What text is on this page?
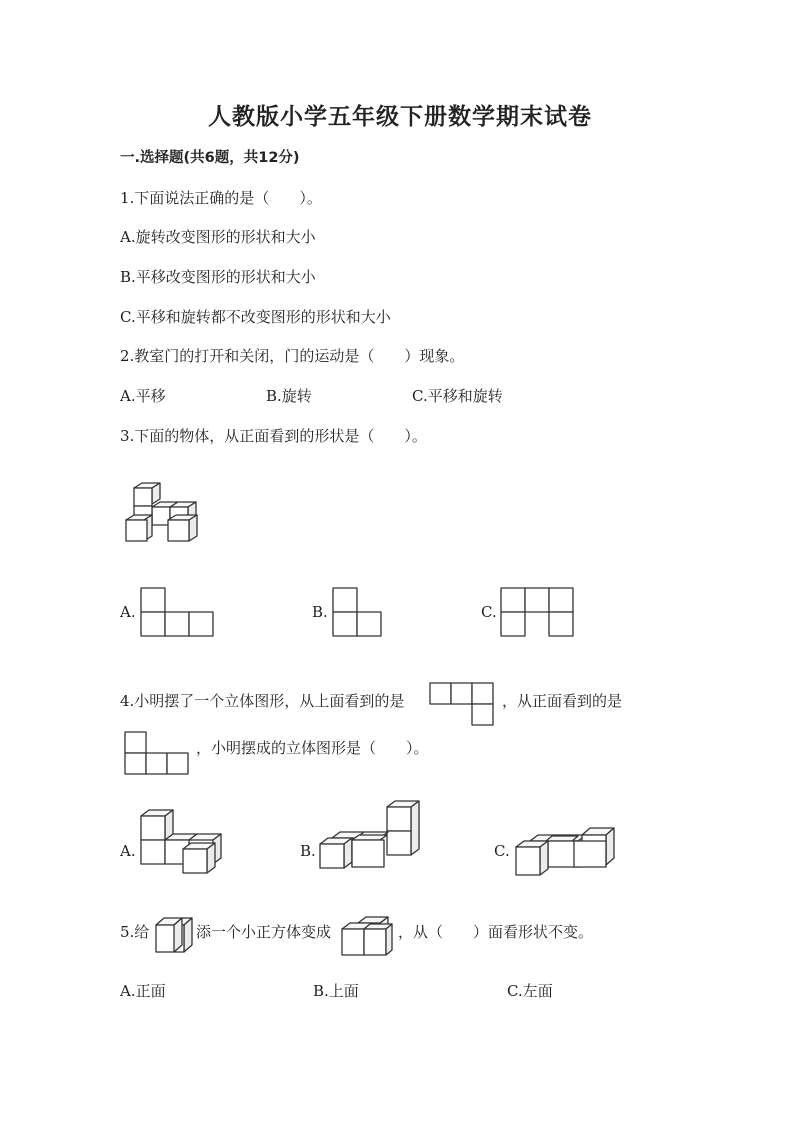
人教版小学五年级下册数学期末试卷
一.选择题(共6题，共12分)
1.下面说法正确的是（　　）。
A.旋转改变图形的形状和大小
B.平移改变图形的形状和大小
C.平移和旋转都不改变图形的形状和大小
2.教室门的打开和关闭，门的运动是（　　）现象。
A.平移	B.旋转	C.平移和旋转
3.下面的物体，从正面看到的形状是（　　）。
A.	B.	C.
4.小明摆了一个立体图形，从上面看到的是	，从正面看到的是
，小明摆成的立体图形是（　　）。
A.	B.	C.
5.给	添一个小正方体变成	，从（　　）面看形状不变。
A.正面	B.上面	C.左面
